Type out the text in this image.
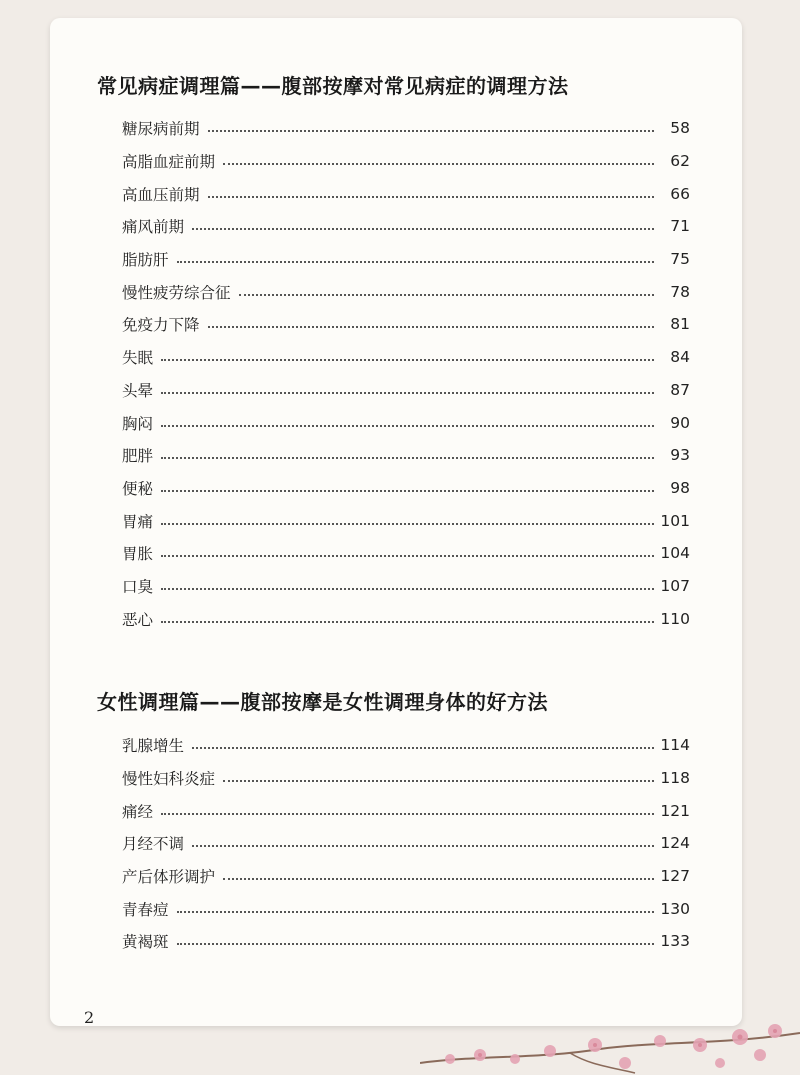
常见病症调理篇——腹部按摩对常见病症的调理方法
糖尿病前期	58
高脂血症前期	62
高血压前期	66
痛风前期	71
脂肪肝	75
慢性疲劳综合征	78
免疫力下降	81
失眠	84
头晕	87
胸闷	90
肥胖	93
便秘	98
胃痛	101
胃胀	104
口臭	107
恶心	110
女性调理篇——腹部按摩是女性调理身体的好方法
乳腺增生	114
慢性妇科炎症	118
痛经	121
月经不调	124
产后体形调护	127
青春痘	130
黄褐斑	133
2
